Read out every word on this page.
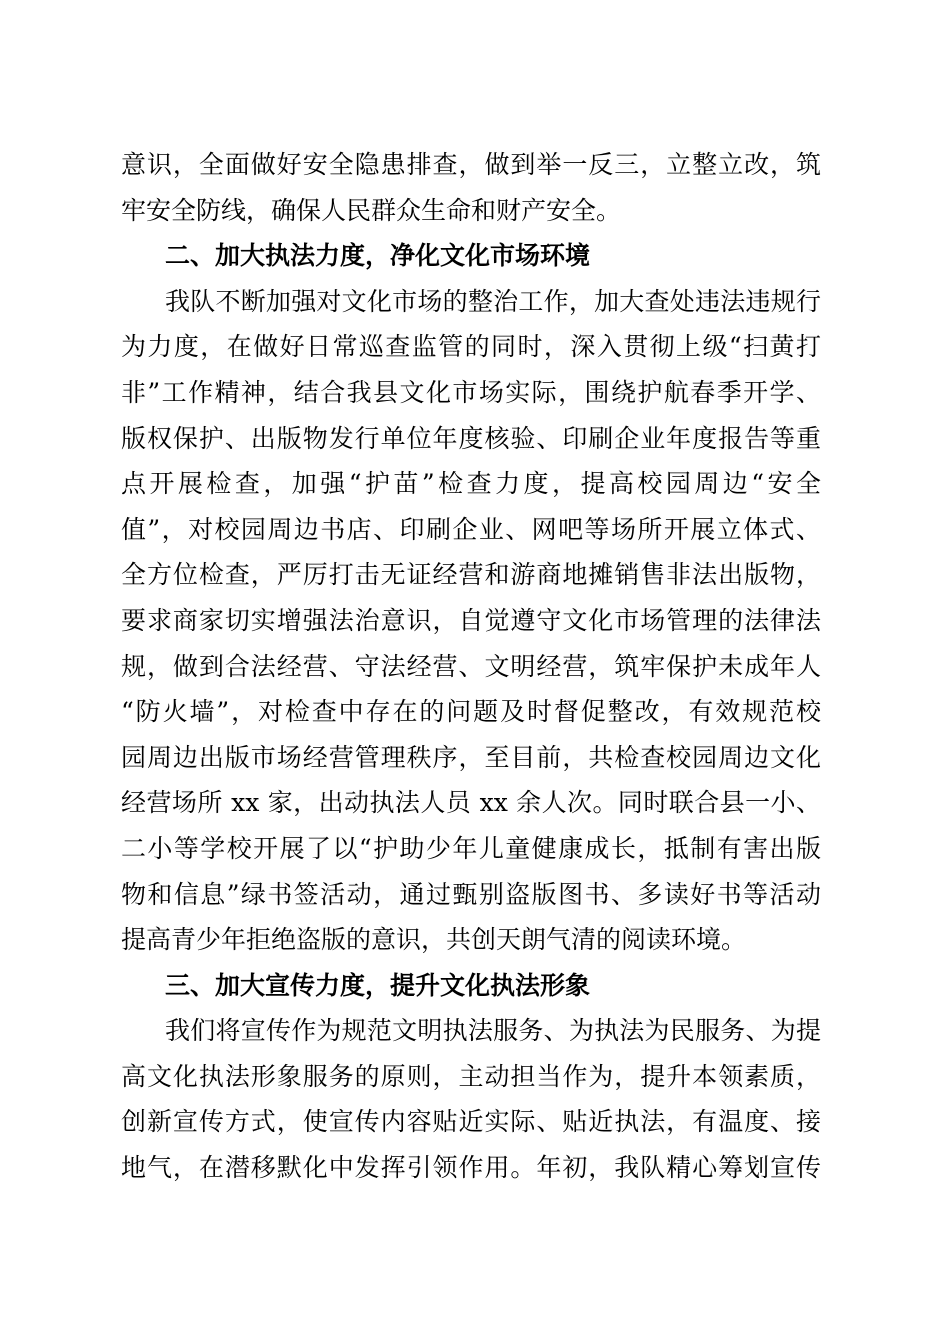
意识，全面做好安全隐患排查，做到举一反三，立整立改，筑
牢安全防线，确保人民群众生命和财产安全。
二、加大执法力度，净化文化市场环境
我队不断加强对文化市场的整治工作，加大查处违法违规行
为力度，在做好日常巡查监管的同时，深入贯彻上级“扫黄打
非”工作精神，结合我县文化市场实际，围绕护航春季开学、
版权保护、出版物发行单位年度核验、印刷企业年度报告等重
点开展检查，加强“护苗”检查力度，提高校园周边“安全
值”，对校园周边书店、印刷企业、网吧等场所开展立体式、
全方位检查，严厉打击无证经营和游商地摊销售非法出版物，
要求商家切实增强法治意识，自觉遵守文化市场管理的法律法
规，做到合法经营、守法经营、文明经营，筑牢保护未成年人
“防火墙”，对检查中存在的问题及时督促整改，有效规范校
园周边出版市场经营管理秩序，至目前，共检查校园周边文化
经营场所 xx 家，出动执法人员 xx 余人次。同时联合县一小、
二小等学校开展了以“护助少年儿童健康成长，抵制有害出版
物和信息”绿书签活动，通过甄别盗版图书、多读好书等活动
提高青少年拒绝盗版的意识，共创天朗气清的阅读环境。
三、加大宣传力度，提升文化执法形象
我们将宣传作为规范文明执法服务、为执法为民服务、为提
高文化执法形象服务的原则，主动担当作为，提升本领素质，
创新宣传方式，使宣传内容贴近实际、贴近执法，有温度、接
地气，在潜移默化中发挥引领作用。年初，我队精心筹划宣传
